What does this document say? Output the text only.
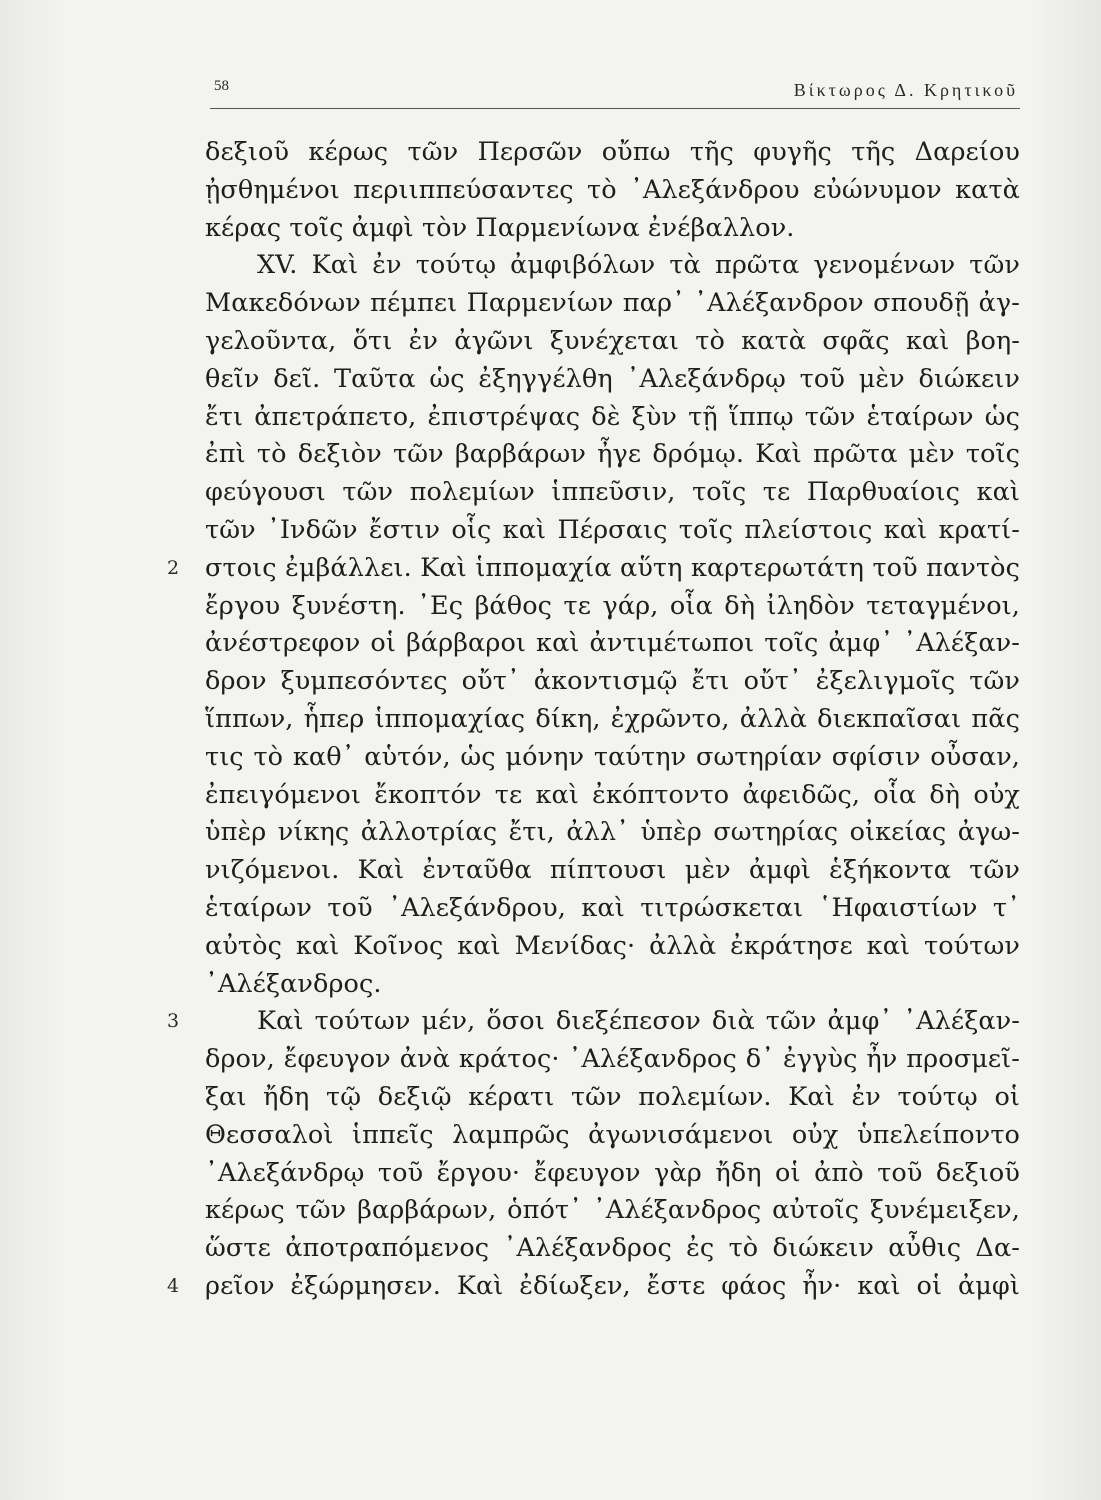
58	Βίκτωρος Δ. Κρητικοῦ
δεξιοῦ κέρως τῶν Περσῶν οὔπω τῆς φυγῆς τῆς Δαρείου
ᾐσθημένοι περιιππεύσαντες τὸ ᾿Αλεξάνδρου εὐώνυμον κατὰ
κέρας τοῖς ἀμφὶ τὸν Παρμενίωνα ἐνέβαλλον.
XV. Καὶ ἐν τούτῳ ἀμφιβόλων τὰ πρῶτα γενομένων τῶν
Μακεδόνων πέμπει Παρμενίων παρ᾿ ᾿Αλέξανδρον σπουδῇ ἀγ-
γελοῦντα, ὅτι ἐν ἀγῶνι ξυνέχεται τὸ κατὰ σφᾶς καὶ βοη-
θεῖν δεῖ. Ταῦτα ὡς ἐξηγγέλθη ᾿Αλεξάνδρῳ τοῦ μὲν διώκειν
ἔτι ἀπετράπετο, ἐπιστρέψας δὲ ξὺν τῇ ἵππῳ τῶν ἑταίρων ὡς
ἐπὶ τὸ δεξιὸν τῶν βαρβάρων ἦγε δρόμῳ. Καὶ πρῶτα μὲν τοῖς
φεύγουσι τῶν πολεμίων ἱππεῦσιν, τοῖς τε Παρθυαίοις καὶ
τῶν ᾿Ινδῶν ἔστιν οἷς καὶ Πέρσαις τοῖς πλείστοις καὶ κρατί-
2 στοις ἐμβάλλει. Καὶ ἱππομαχία αὕτη καρτερωτάτη τοῦ παντὸς
ἔργου ξυνέστη. ᾿Ες βάθος τε γάρ, οἷα δὴ ἰληδὸν τεταγμένοι,
ἀνέστρεφον οἱ βάρβαροι καὶ ἀντιμέτωποι τοῖς ἀμφ᾿ ᾿Αλέξαν-
δρον ξυμπεσόντες οὔτ᾿ ἀκοντισμῷ ἔτι οὔτ᾿ ἐξελιγμοῖς τῶν
ἵππων, ἧπερ ἱππομαχίας δίκη, ἐχρῶντο, ἀλλὰ διεκπαῖσαι πᾶς
τις τὸ καθ᾿ αὑτόν, ὡς μόνην ταύτην σωτηρίαν σφίσιν οὖσαν,
ἐπειγόμενοι ἔκοπτόν τε καὶ ἐκόπτοντο ἀφειδῶς, οἷα δὴ οὐχ
ὑπὲρ νίκης ἀλλοτρίας ἔτι, ἀλλ᾿ ὑπὲρ σωτηρίας οἰκείας ἀγω-
νιζόμενοι. Καὶ ἐνταῦθα πίπτουσι μὲν ἀμφὶ ἑξήκοντα τῶν
ἑταίρων τοῦ ᾿Αλεξάνδρου, καὶ τιτρώσκεται ῾Ηφαιστίων τ᾿
αὐτὸς καὶ Κοῖνος καὶ Μενίδας· ἀλλὰ ἐκράτησε καὶ τούτων
᾿Αλέξανδρος.
3	Καὶ τούτων μέν, ὅσοι διεξέπεσον διὰ τῶν ἀμφ᾿ ᾿Αλέξαν-
δρον, ἔφευγον ἀνὰ κράτος· ᾿Αλέξανδρος δ᾿ ἐγγὺς ἦν προσμεῖ-
ξαι ἤδη τῷ δεξιῷ κέρατι τῶν πολεμίων. Καὶ ἐν τούτῳ οἱ
Θεσσαλοὶ ἱππεῖς λαμπρῶς ἀγωνισάμενοι οὐχ ὑπελείποντο
᾿Αλεξάνδρῳ τοῦ ἔργου· ἔφευγον γὰρ ἤδη οἱ ἀπὸ τοῦ δεξιοῦ
κέρως τῶν βαρβάρων, ὁπότ᾿ ᾿Αλέξανδρος αὐτοῖς ξυνέμειξεν,
ὥστε ἀποτραπόμενος ᾿Αλέξανδρος ἐς τὸ διώκειν αὖθις Δα-
4 ρεῖον ἐξώρμησεν. Καὶ ἐδίωξεν, ἔστε φάος ἦν· καὶ οἱ ἀμφὶ
